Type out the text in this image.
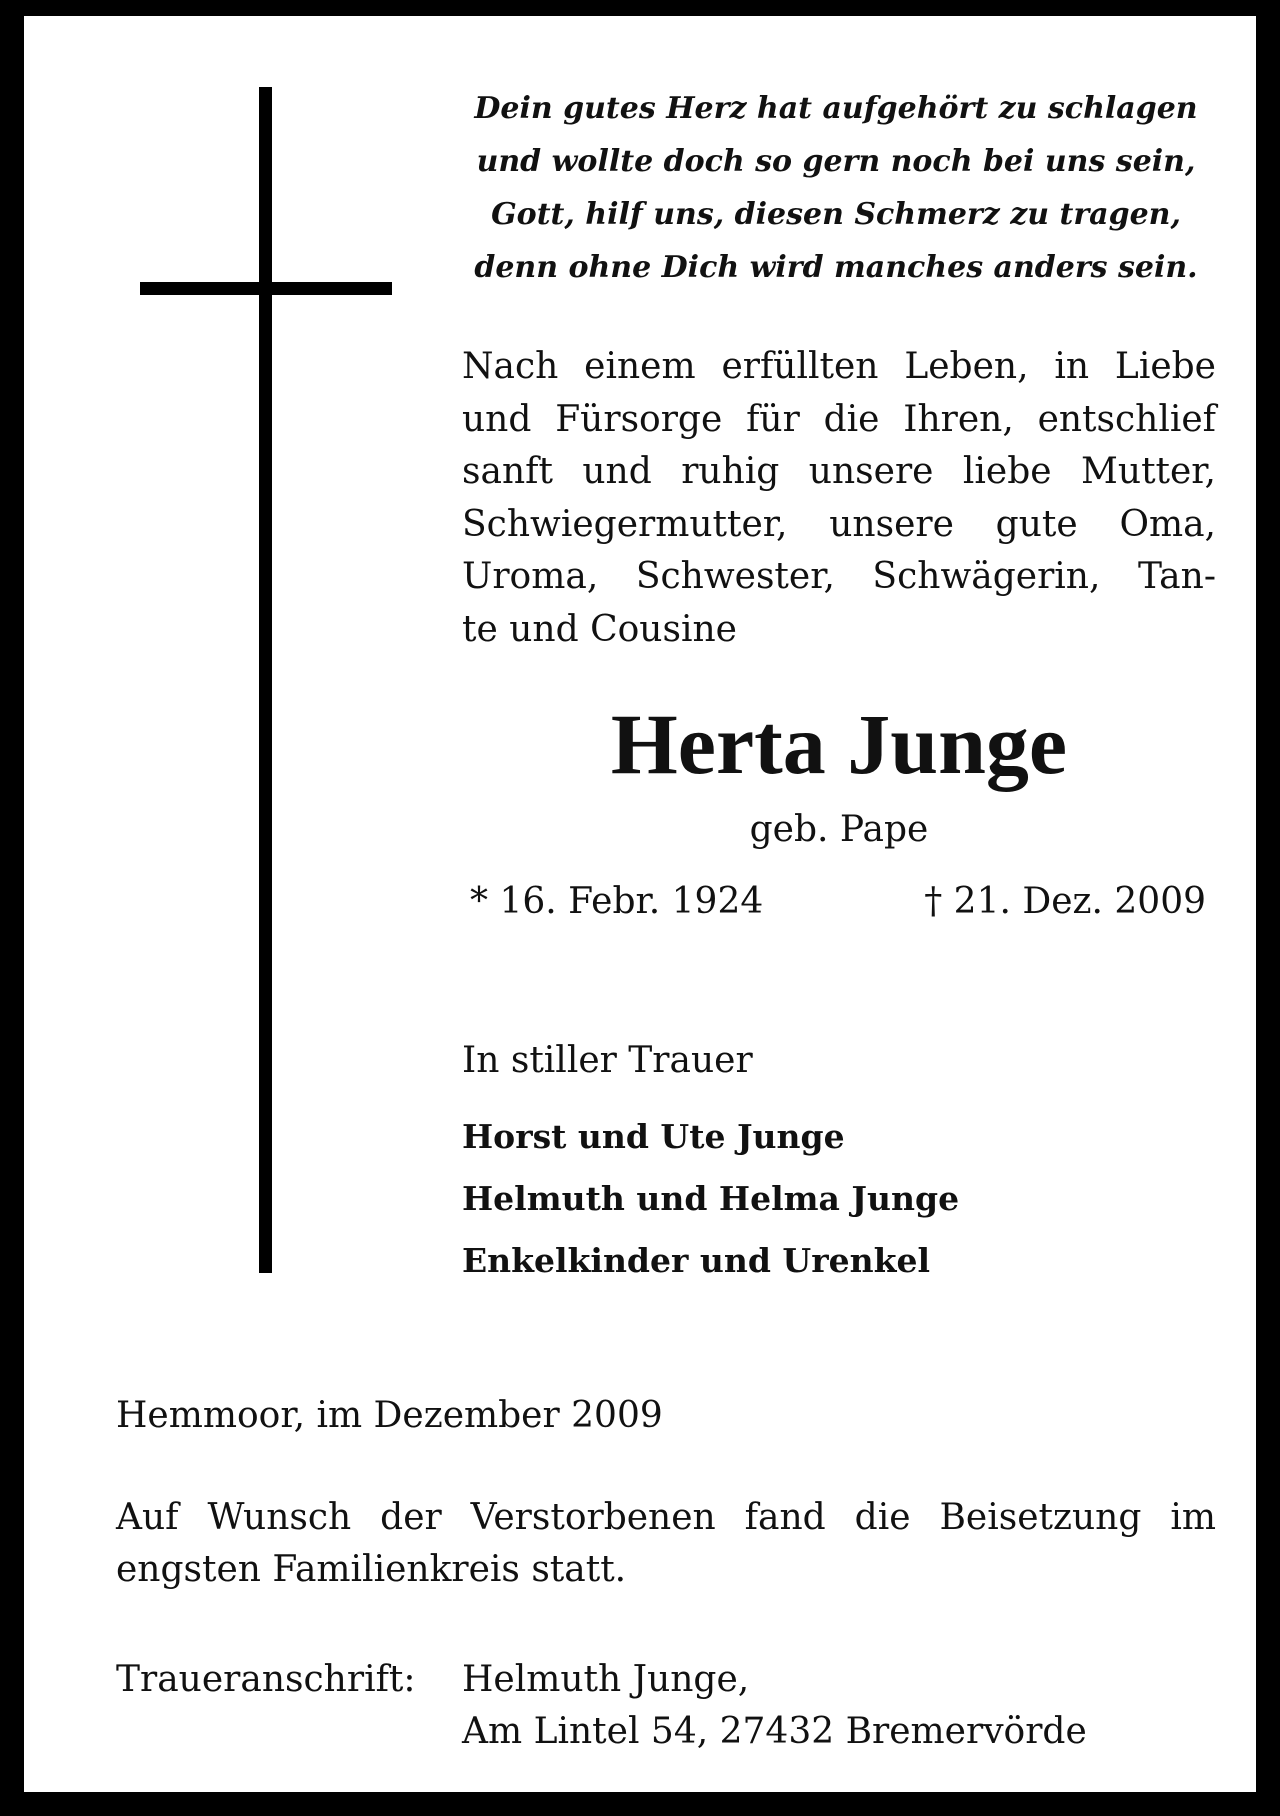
Dein gutes Herz hat aufgehört zu schlagen
und wollte doch so gern noch bei uns sein,
Gott, hilf uns, diesen Schmerz zu tragen,
denn ohne Dich wird manches anders sein.
Nach einem erfüllten Leben, in Liebe
und Fürsorge für die Ihren, entschlief
sanft und ruhig unsere liebe Mutter,
Schwiegermutter, unsere gute Oma,
Uroma, Schwester, Schwägerin, Tan-
te und Cousine
Herta Junge
geb. Pape
* 16. Febr. 1924	† 21. Dez. 2009
In stiller Trauer
Horst und Ute Junge
Helmuth und Helma Junge
Enkelkinder und Urenkel
Hemmoor, im Dezember 2009
Auf Wunsch der Verstorbenen fand die Beisetzung im
engsten Familienkreis statt.
Traueranschrift: Helmuth Junge,
Am Lintel 54, 27432 Bremervörde
